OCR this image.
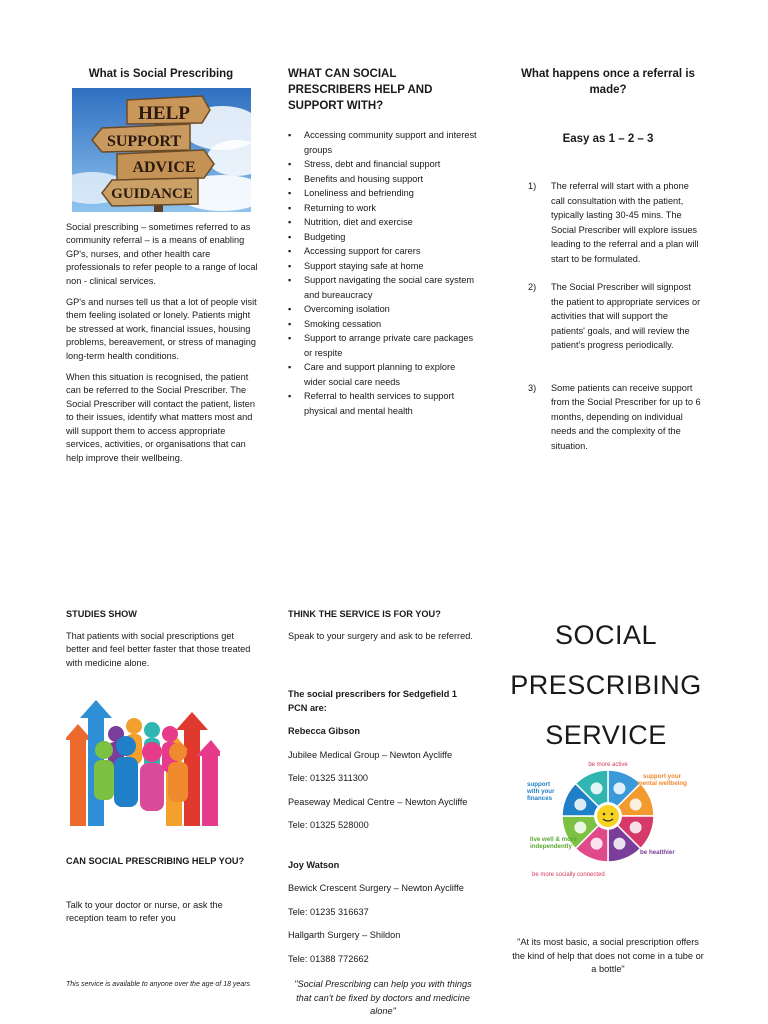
What is Social Prescribing
HELP
SUPPORT
ADVICE
GUIDANCE

Social prescribing – sometimes referred to as community referral – is a means of enabling GP's, nurses, and other health care professionals to refer people to a range of local non - clinical services.

GP's and nurses tell us that a lot of people visit them feeling isolated or lonely. Patients might be stressed at work, financial issues, housing problems, bereavement, or stress of managing long-term health conditions.

When this situation is recognised, the patient can be referred to the Social Prescriber. The Social Prescriber will contact the patient, listen to their issues, identify what matters most and will support them to access appropriate services, activities, or organisations that can help improve their wellbeing.

WHAT CAN SOCIAL PRESCRIBERS HELP AND SUPPORT WITH?
▪ Accessing community support and interest groups
▪ Stress, debt and financial support
▪ Benefits and housing support
▪ Loneliness and befriending
▪ Returning to work
▪ Nutrition, diet and exercise
▪ Budgeting
▪ Accessing support for carers
▪ Support staying safe at home
▪ Support navigating the social care system and bureaucracy
▪ Overcoming isolation
▪ Smoking cessation
▪ Support to arrange private care packages or respite
▪ Care and support planning to explore wider social care needs
▪ Referral to health services to support physical and mental health
What happens once a referral is made?
Easy as 1 – 2 – 3
1) The referral will start with a phone call consultation with the patient, typically lasting 30-45 mins. The Social Prescriber will explore issues leading to the referral and a plan will start to be formulated.
2) The Social Prescriber will signpost the patient to appropriate services or activities that will support the patients' goals, and will review the patient's progress periodically.
3) Some patients can receive support from the Social Prescriber for up to 6 months, depending on individual needs and the complexity of the situation.
STUDIES SHOW
That patients with social prescriptions get better and feel better faster that those treated with medicine alone.
CAN SOCIAL PRESCRIBING HELP YOU?
Talk to your doctor or nurse, or ask the reception team to refer you
This service is available to anyone over the age of 18 years
THINK THE SERVICE IS FOR YOU?
Speak to your surgery and ask to be referred.
The social prescribers for Sedgefield 1 PCN are:
Rebecca Gibson
Jubilee Medical Group – Newton Aycliffe
Tele: 01325 311300
Peaseway Medical Centre – Newton Aycliffe
Tele: 01325 528000
Joy Watson
Bewick Crescent Surgery – Newton Aycliffe
Tele: 01235 316637
Hallgarth Surgery – Shildon
Tele: 01388 772662
"Social Prescribing can help you with things that can't be fixed by doctors and medicine alone"
SOCIAL
PRESCRIBING
SERVICE
be more active
be more socially connected
support with your finances
support your mental wellbeing
be healthier
live well & more independently
"At its most basic, a social prescription offers the kind of help that does not come in a tube or a bottle"
